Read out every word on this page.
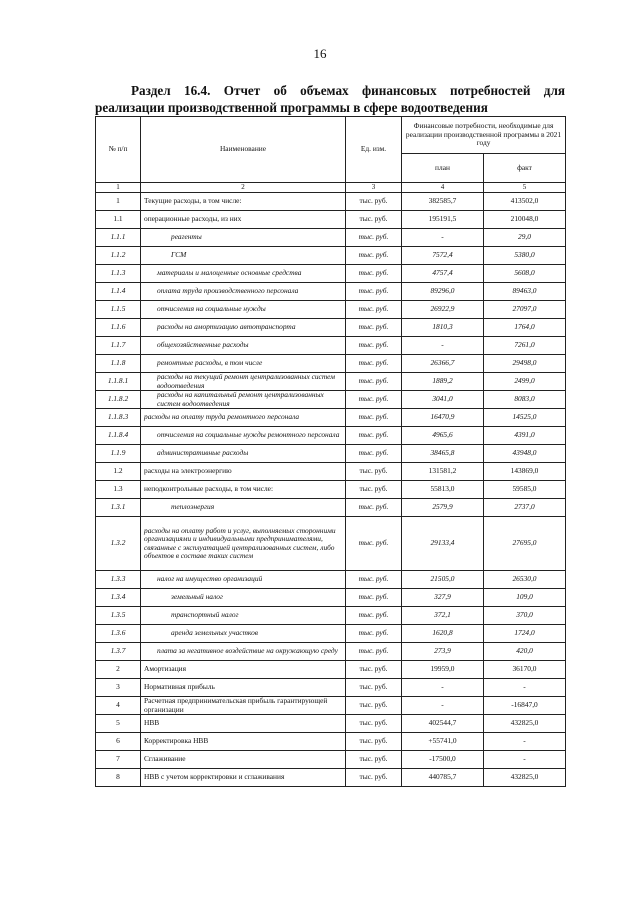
16
Раздел 16.4. Отчет об объемах финансовых потребностей для
реализации производственной программы в сфере водоотведения
№ п/п	Наименование	Ед. изм.	Финансовые потребности, необходимые для реализации производственной программы в 2021 году	
			план	факт
1	2	3	4	5
1	Текущие расходы, в том числе:	тыс. руб.	382585,7	413502,0
1.1	операционные расходы, из них	тыс. руб.	195191,5	210048,0
1.1.1	реагенты	тыс. руб.	-	29,0
1.1.2	ГСМ	тыс. руб.	7572,4	5380,0
1.1.3	материалы и малоценные основные средства	тыс. руб.	4757,4	5608,0
1.1.4	оплата труда производственного персонала	тыс. руб.	89296,0	89463,0
1.1.5	отчисления на социальные нужды	тыс. руб.	26922,9	27097,0
1.1.6	расходы на амортизацию автотранспорта	тыс. руб.	1810,3	1764,0
1.1.7	общехозяйственные расходы	тыс. руб.	-	7261,0
1.1.8	ремонтные расходы, в том числе	тыс. руб.	26366,7	29498,0
1.1.8.1	расходы на текущий ремонт централизованных систем водоотведения	тыс. руб.	1889,2	2499,0
1.1.8.2	расходы на капитальный ремонт централизованных систем водоотведения	тыс. руб.	3041,0	8083,0
1.1.8.3	расходы на оплату труда ремонтного персонала	тыс. руб.	16470,9	14525,0
1.1.8.4	отчисления на социальные нужды ремонтного персонала	тыс. руб.	4965,6	4391,0
1.1.9	административные расходы	тыс. руб.	38465,8	43948,0
1.2	расходы на электроэнергию	тыс. руб.	131581,2	143869,0
1.3	неподконтрольные расходы, в том числе:	тыс. руб.	55813,0	59585,0
1.3.1	теплоэнергия	тыс. руб.	2579,9	2737,0
1.3.2	расходы на оплату работ и услуг, выполняемых сторонними организациями и индивидуальными предпринимателями, связанные с эксплуатацией централизованных систем, либо объектов в составе таких систем	тыс. руб.	29133,4	27695,0
1.3.3	налог на имущество организаций	тыс. руб.	21505,0	26530,0
1.3.4	земельный налог	тыс. руб.	327,9	109,0
1.3.5	транспортный налог	тыс. руб.	372,1	370,0
1.3.6	аренда земельных участков	тыс. руб.	1620,8	1724,0
1.3.7	плата за негативное воздействие на окружающую среду	тыс. руб.	273,9	420,0
2	Амортизация	тыс. руб.	19959,0	36170,0
3	Нормативная прибыль	тыс. руб.	-	-
4	Расчетная предпринимательская прибыль гарантирующей организации	тыс. руб.	-	-16847,0
5	НВВ	тыс. руб.	402544,7	432825,0
6	Корректировка НВВ	тыс. руб.	+55741,0	-
7	Сглаживание	тыс. руб.	-17500,0	-
8	НВВ с учетом корректировки и сглаживания	тыс. руб.	440785,7	432825,0
